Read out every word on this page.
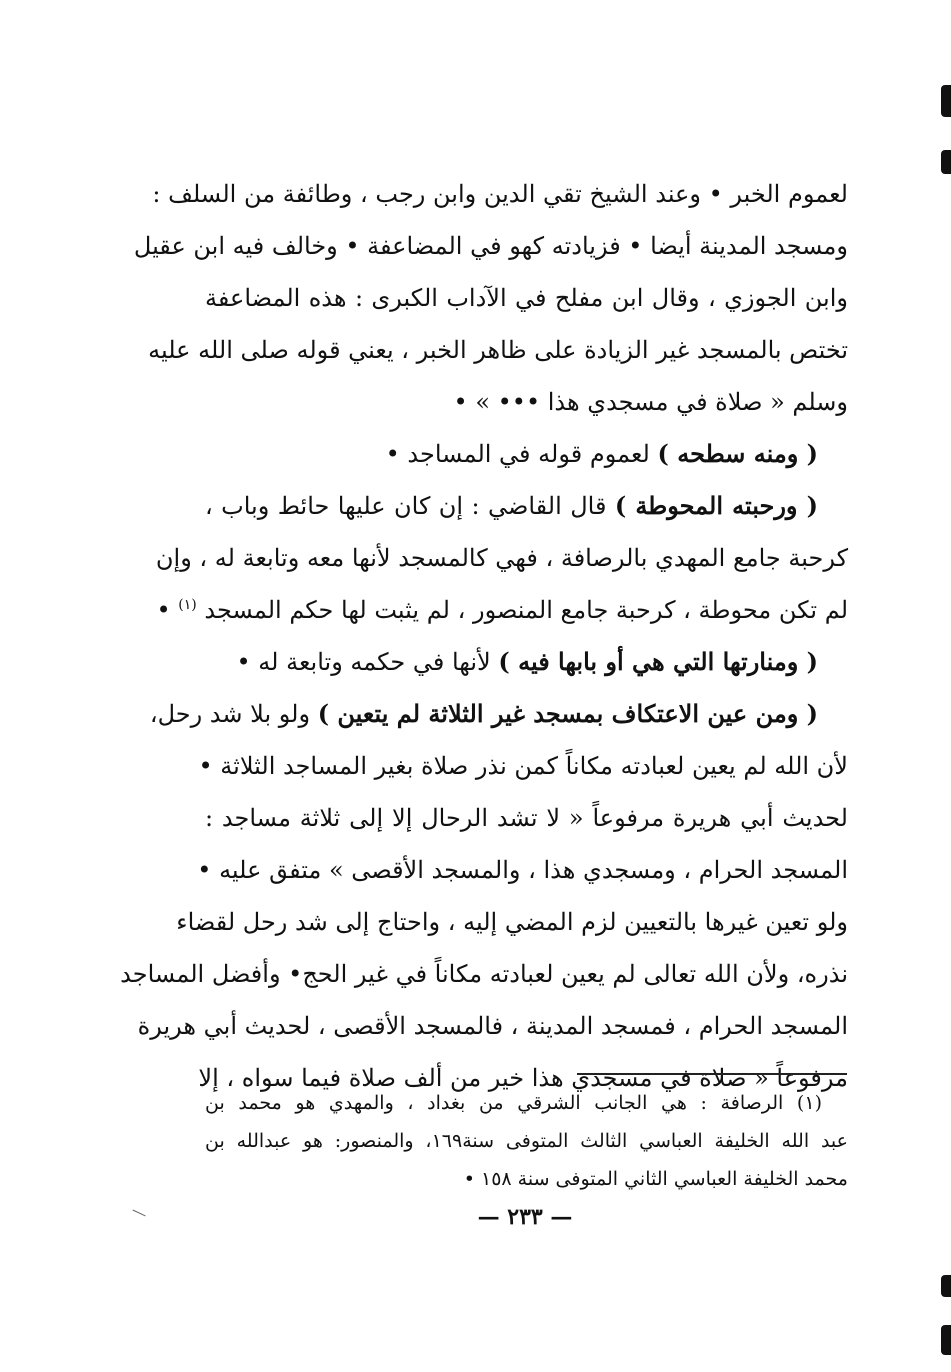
لعموم الخبر • وعند الشيخ تقي الدين وابن رجب ، وطائفة من السلف :
ومسجد المدينة أيضا • فزيادته كهو في المضاعفة • وخالف فيه ابن عقيل
وابن الجوزي ، وقال ابن مفلح في الآداب الكبرى : هذه المضاعفة
تختص بالمسجد غير الزيادة على ظاهر الخبر ، يعني قوله صلى الله عليه
وسلم « صلاة في مسجدي هذا ••• » •
( ومنه سطحه ) لعموم قوله في المساجد •
( ورحبته المحوطة ) قال القاضي : إن كان عليها حائط وباب ،
كرحبة جامع المهدي بالرصافة ، فهي كالمسجد لأنها معه وتابعة له ، وإن
لم تكن محوطة ، كرحبة جامع المنصور ، لم يثبت لها حكم المسجد $^{(١)}$ •
( ومنارتها التي هي أو بابها فيه ) لأنها في حكمه وتابعة له •
( ومن عين الاعتكاف بمسجد غير الثلاثة لم يتعين ) ولو بلا شد رحل،
لأن الله لم يعين لعبادته مكاناً كمن نذر صلاة بغير المساجد الثلاثة •
لحديث أبي هريرة مرفوعاً « لا تشد الرحال إلا إلى ثلاثة مساجد :
المسجد الحرام ، ومسجدي هذا ، والمسجد الأقصى » متفق عليه •
ولو تعين غيرها بالتعيين لزم المضي إليه ، واحتاج إلى شد رحل لقضاء
نذره، ولأن الله تعالى لم يعين لعبادته مكاناً في غير الحج• وأفضل المساجد
المسجد الحرام ، فمسجد المدينة ، فالمسجد الأقصى ، لحديث أبي هريرة
مرفوعاً « صلاة في مسجدي هذا خير من ألف صلاة فيما سواه ، إلا
(١) الرصافة : هي الجانب الشرقي من بغداد ، والمهدي هو محمد بن
عبد الله الخليفة العباسي الثالث المتوفى سنة١٦٩، والمنصور: هو عبدالله بن
محمد الخليفة العباسي الثاني المتوفى سنة ١٥٨ •
— ٢٣٣ —
